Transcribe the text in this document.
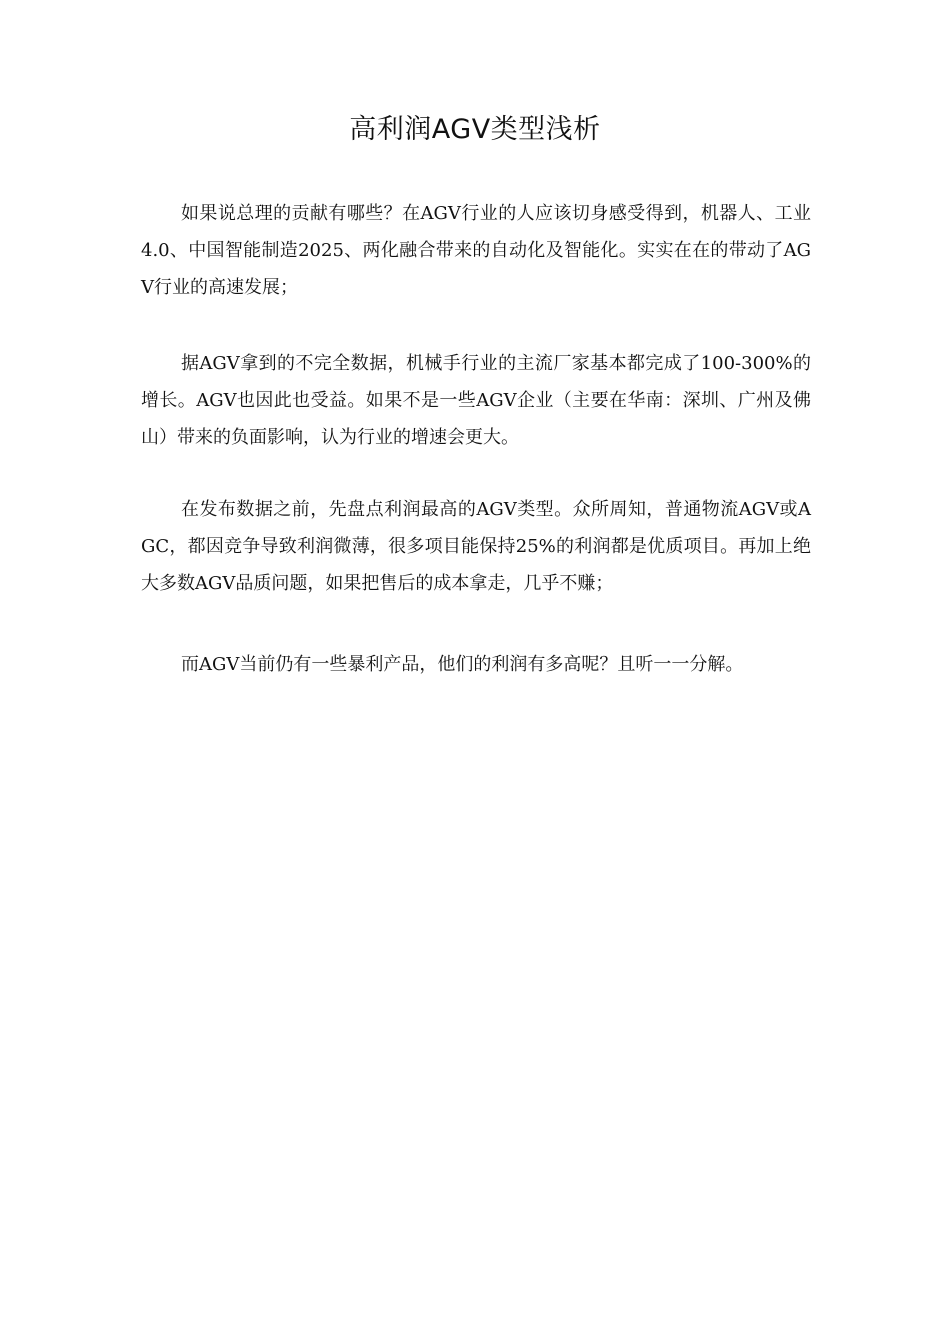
高利润AGV类型浅析

如果说总理的贡献有哪些？在AGV行业的人应该切身感受得到，机器人、工业4.0、中国智能制造2025、两化融合带来的自动化及智能化。实实在在的带动了AGV行业的高速发展；

据AGV拿到的不完全数据，机械手行业的主流厂家基本都完成了100-300%的增长。AGV也因此也受益。如果不是一些AGV企业（主要在华南：深圳、广州及佛山）带来的负面影响，认为行业的增速会更大。

在发布数据之前，先盘点利润最高的AGV类型。众所周知，普通物流AGV或AGC，都因竞争导致利润微薄，很多项目能保持25%的利润都是优质项目。再加上绝大多数AGV品质问题，如果把售后的成本拿走，几乎不赚；

而AGV当前仍有一些暴利产品，他们的利润有多高呢？且听一一分解。
